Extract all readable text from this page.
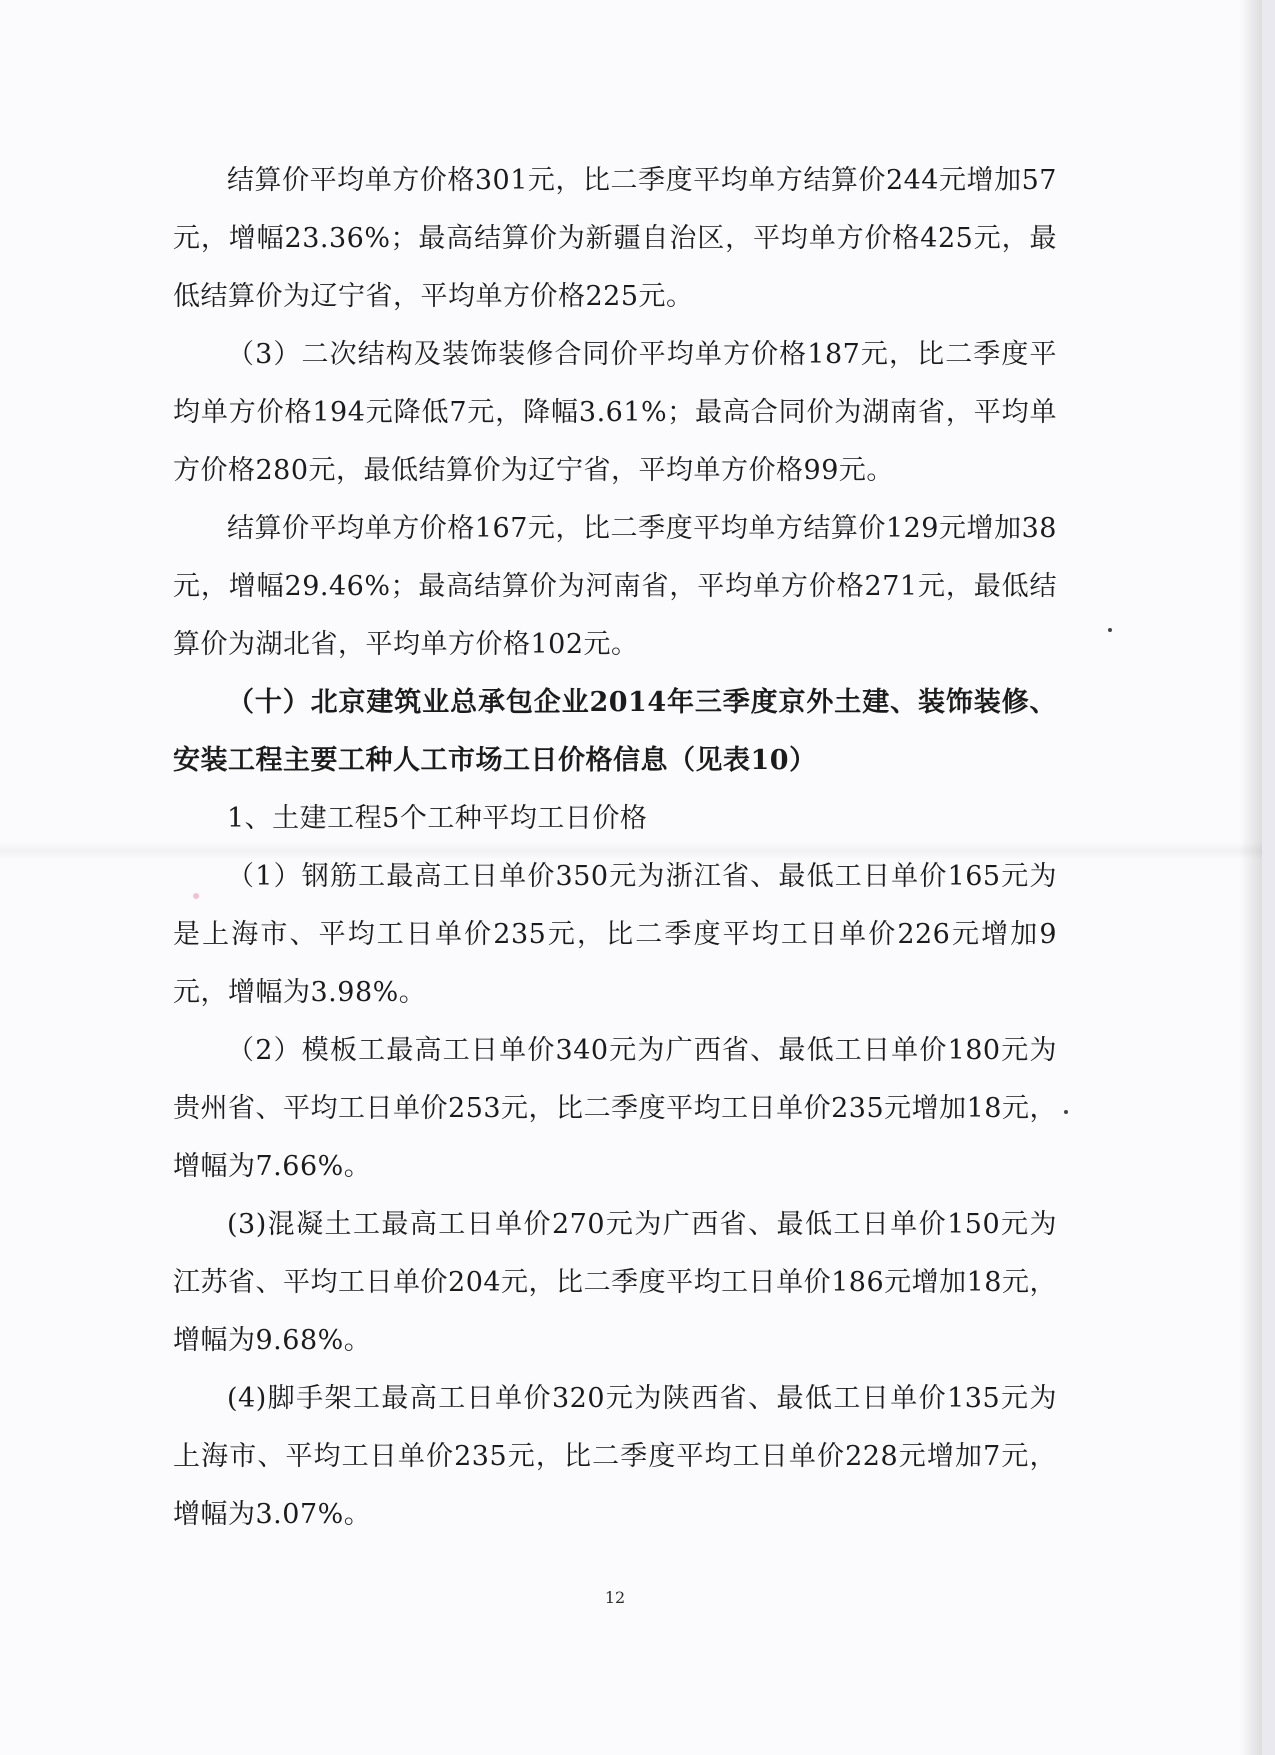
结算价平均单方价格301元，比二季度平均单方结算价244元增加57元，增幅23.36%；最高结算价为新疆自治区，平均单方价格425元，最低结算价为辽宁省，平均单方价格225元。

（3）二次结构及装饰装修合同价平均单方价格187元，比二季度平均单方价格194元降低7元，降幅3.61%；最高合同价为湖南省，平均单方价格280元，最低结算价为辽宁省，平均单方价格99元。

结算价平均单方价格167元，比二季度平均单方结算价129元增加38元，增幅29.46%；最高结算价为河南省，平均单方价格271元，最低结算价为湖北省，平均单方价格102元。

（十）北京建筑业总承包企业2014年三季度京外土建、装饰装修、安装工程主要工种人工市场工日价格信息（见表10）

1、土建工程5个工种平均工日价格

（1）钢筋工最高工日单价350元为浙江省、最低工日单价165元为是上海市、平均工日单价235元，比二季度平均工日单价226元增加9元，增幅为3.98%。

（2）模板工最高工日单价340元为广西省、最低工日单价180元为贵州省、平均工日单价253元，比二季度平均工日单价235元增加18元，增幅为7.66%。

(3)混凝土工最高工日单价270元为广西省、最低工日单价150元为江苏省、平均工日单价204元，比二季度平均工日单价186元增加18元，增幅为9.68%。

(4)脚手架工最高工日单价320元为陕西省、最低工日单价135元为上海市、平均工日单价235元，比二季度平均工日单价228元增加7元，增幅为3.07%。

12
